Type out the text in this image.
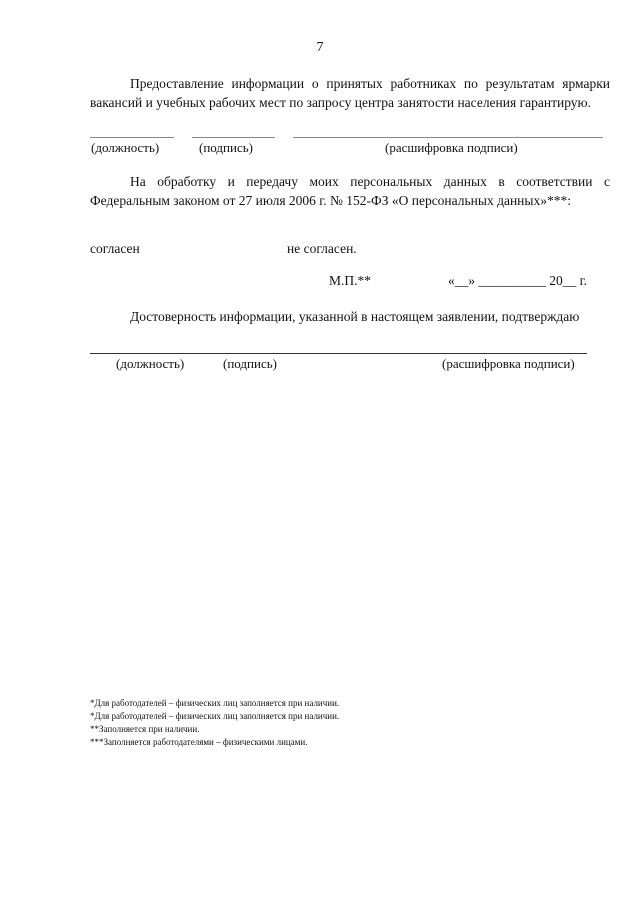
7
Предоставление информации о принятых работниках по результатам ярмарки вакансий и учебных рабочих мест по запросу центра занятости населения гарантирую.
(должность)	(подпись)	(расшифровка подписи)
На обработку и передачу моих персональных данных в соответствии с Федеральным законом от 27 июля 2006 г. № 152-ФЗ «О персональных данных»***:
согласен	не согласен.
М.П.**	«__» __________ 20__ г.
Достоверность информации, указанной в настоящем заявлении, подтверждаю
(должность)	(подпись)	(расшифровка подписи)
*Для работодателей – физических лиц заполняется при наличии.
*Для работодателей – физических лиц заполняется при наличии.
**Заполняется при наличии.
***Заполняется работодателями – физическими лицами.
